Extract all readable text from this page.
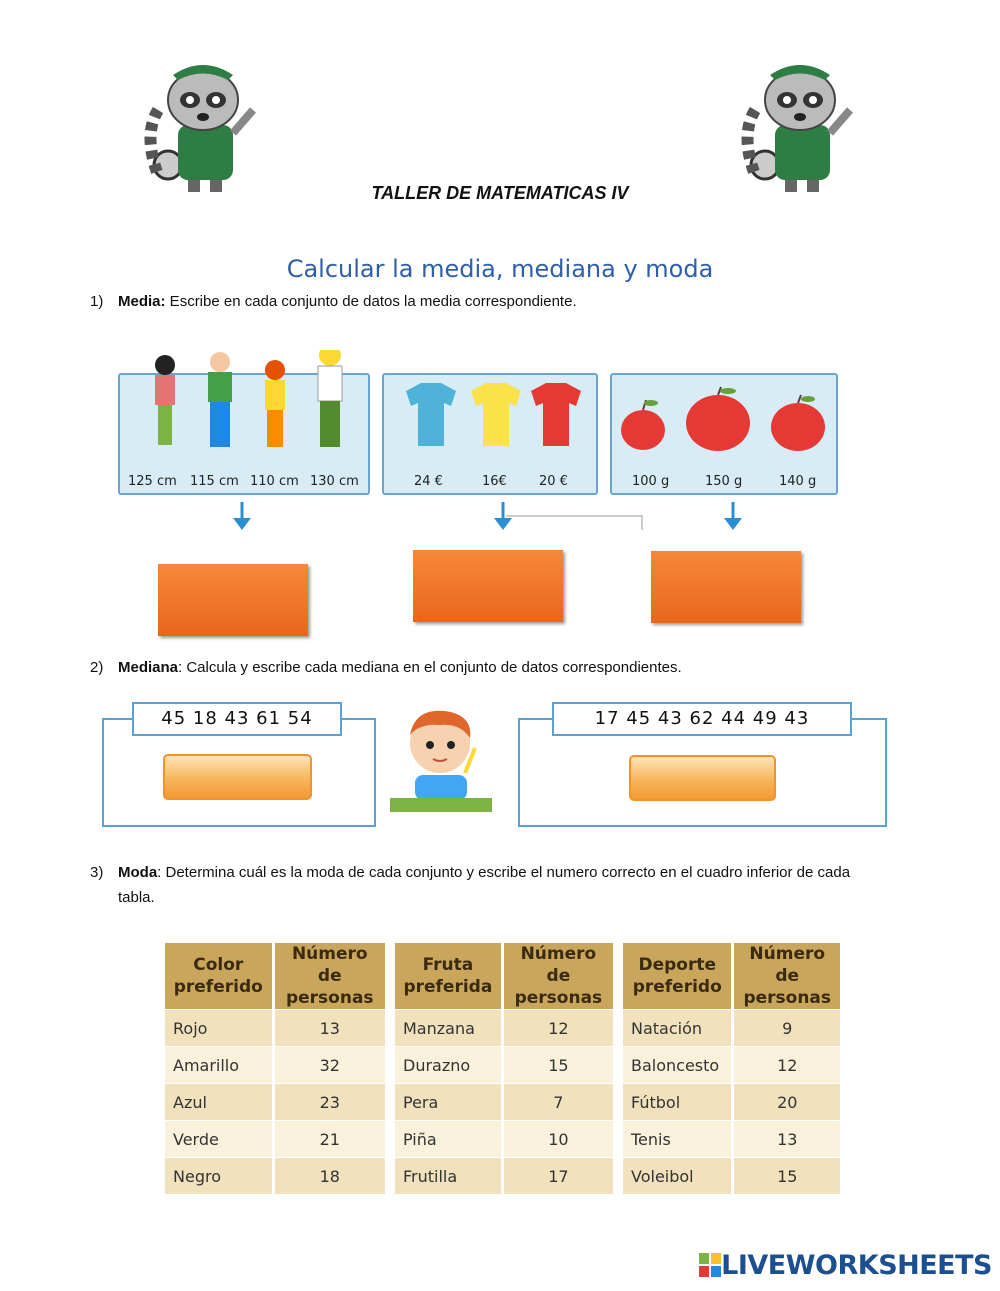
TALLER DE MATEMATICAS IV
Calcular la media, mediana y moda
1) Media: Escribe en cada conjunto de datos la media correspondiente.
125 cm 115 cm 110 cm 130 cm	24 €	16€ 20 €	100 g	150 g	140 g
2) Mediana: Calcula y escribe cada mediana en el conjunto de datos correspondientes.
45 18 43 61 54	17 45 43 62 44 49 43
3) Moda: Determina cuál es la moda de cada conjunto y escribe el numero correcto en el cuadro inferior de cada
tabla.
Color preferido	Número de personas
Rojo	13
Amarillo	32
Azul	23
Verde	21
Negro	18
Fruta preferida	Número de personas
Manzana	12
Durazno	15
Pera	7
Piña	10
Frutilla	17
Deporte preferido	Número de personas
Natación	9
Baloncesto	12
Fútbol	20
Tenis	13
Voleibol	15
LIVEWORKSHEETS
